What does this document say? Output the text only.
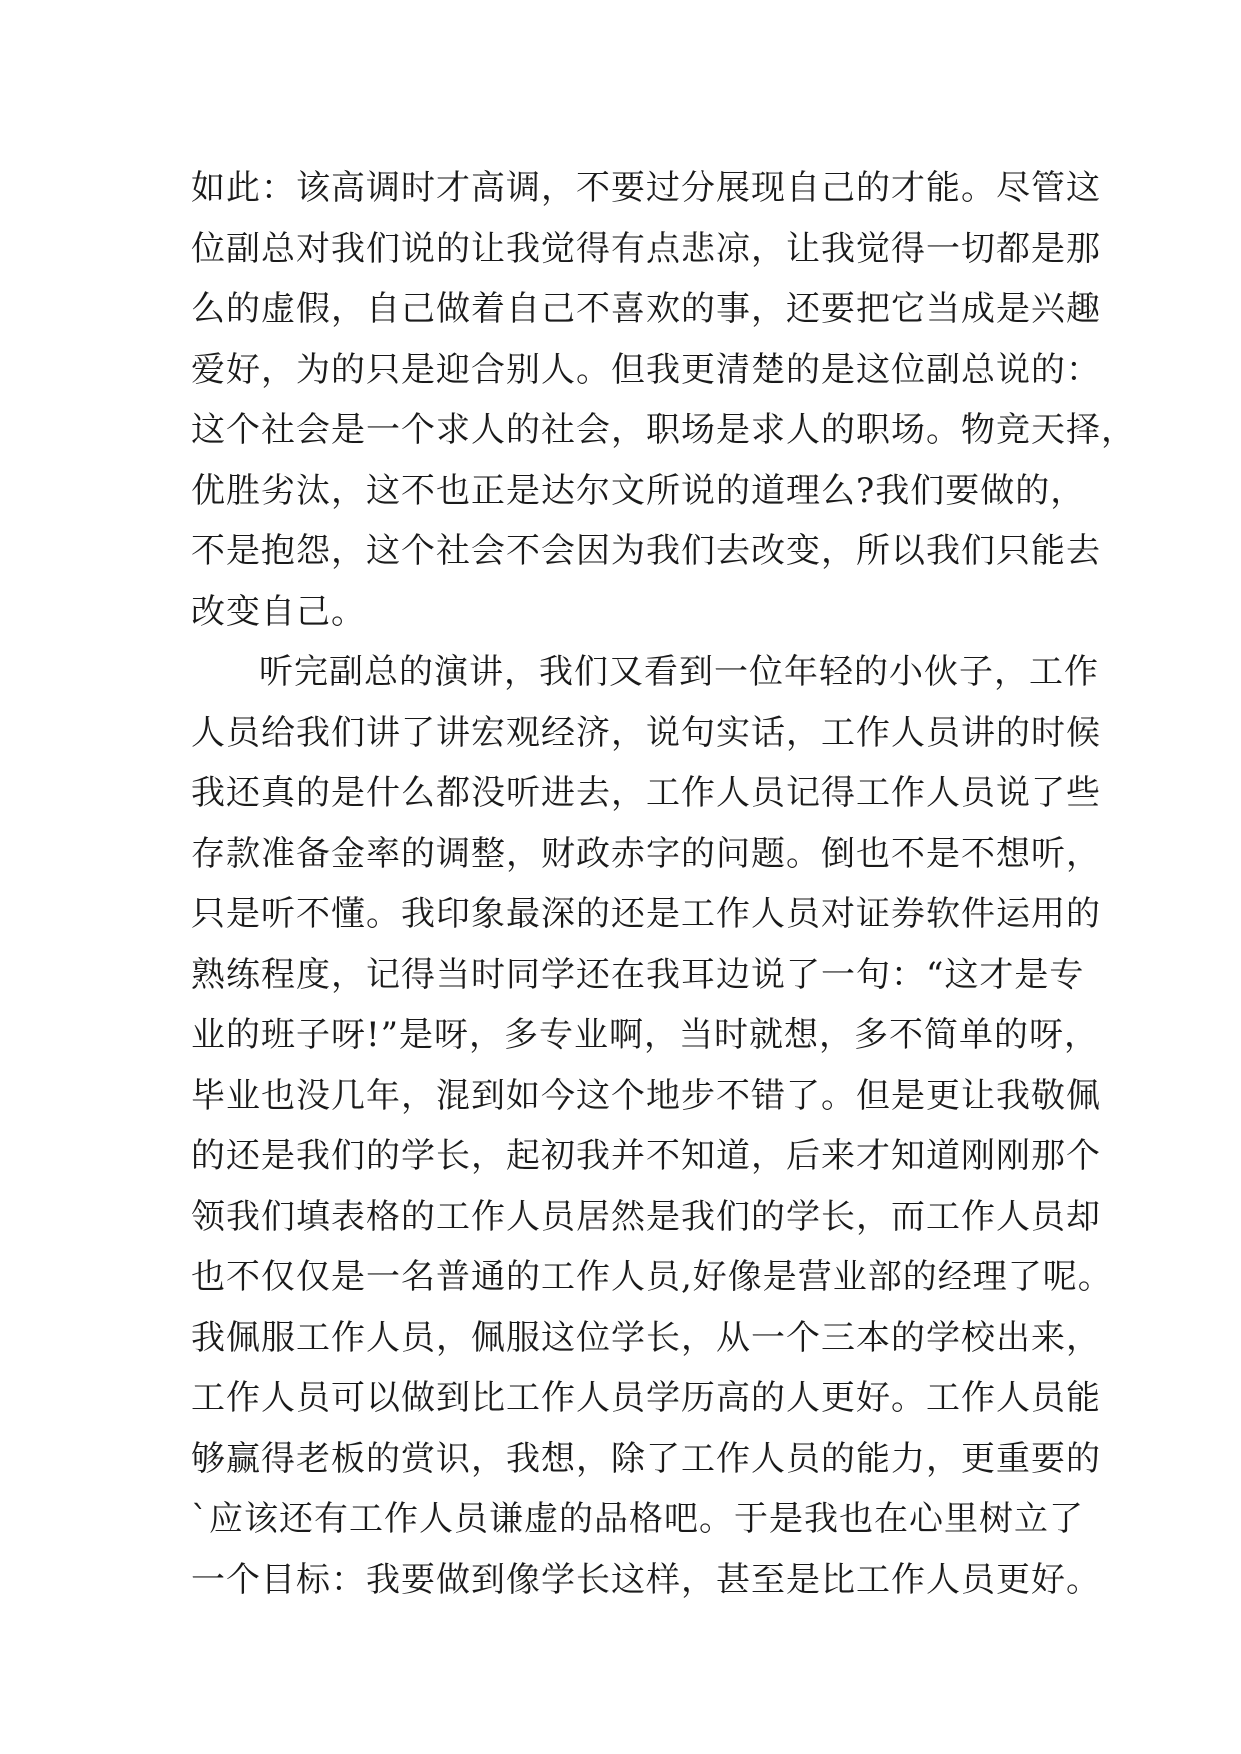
如此：该高调时才高调，不要过分展现自己的才能。尽管这
位副总对我们说的让我觉得有点悲凉，让我觉得一切都是那
么的虚假，自己做着自己不喜欢的事，还要把它当成是兴趣
爱好，为的只是迎合别人。但我更清楚的是这位副总说的：
这个社会是一个求人的社会，职场是求人的职场。物竞天择，
优胜劣汰，这不也正是达尔文所说的道理么?我们要做的，
不是抱怨，这个社会不会因为我们去改变，所以我们只能去
改变自己。
听完副总的演讲，我们又看到一位年轻的小伙子，工作
人员给我们讲了讲宏观经济，说句实话，工作人员讲的时候
我还真的是什么都没听进去，工作人员记得工作人员说了些
存款准备金率的调整，财政赤字的问题。倒也不是不想听，
只是听不懂。我印象最深的还是工作人员对证券软件运用的
熟练程度，记得当时同学还在我耳边说了一句：“这才是专
业的班子呀!”是呀，多专业啊，当时就想，多不简单的呀，
毕业也没几年，混到如今这个地步不错了。但是更让我敬佩
的还是我们的学长，起初我并不知道，后来才知道刚刚那个
领我们填表格的工作人员居然是我们的学长，而工作人员却
也不仅仅是一名普通的工作人员,好像是营业部的经理了呢。
我佩服工作人员，佩服这位学长，从一个三本的学校出来，
工作人员可以做到比工作人员学历高的人更好。工作人员能
够赢得老板的赏识，我想，除了工作人员的能力，更重要的
`应该还有工作人员谦虚的品格吧。于是我也在心里树立了
一个目标：我要做到像学长这样，甚至是比工作人员更好。
